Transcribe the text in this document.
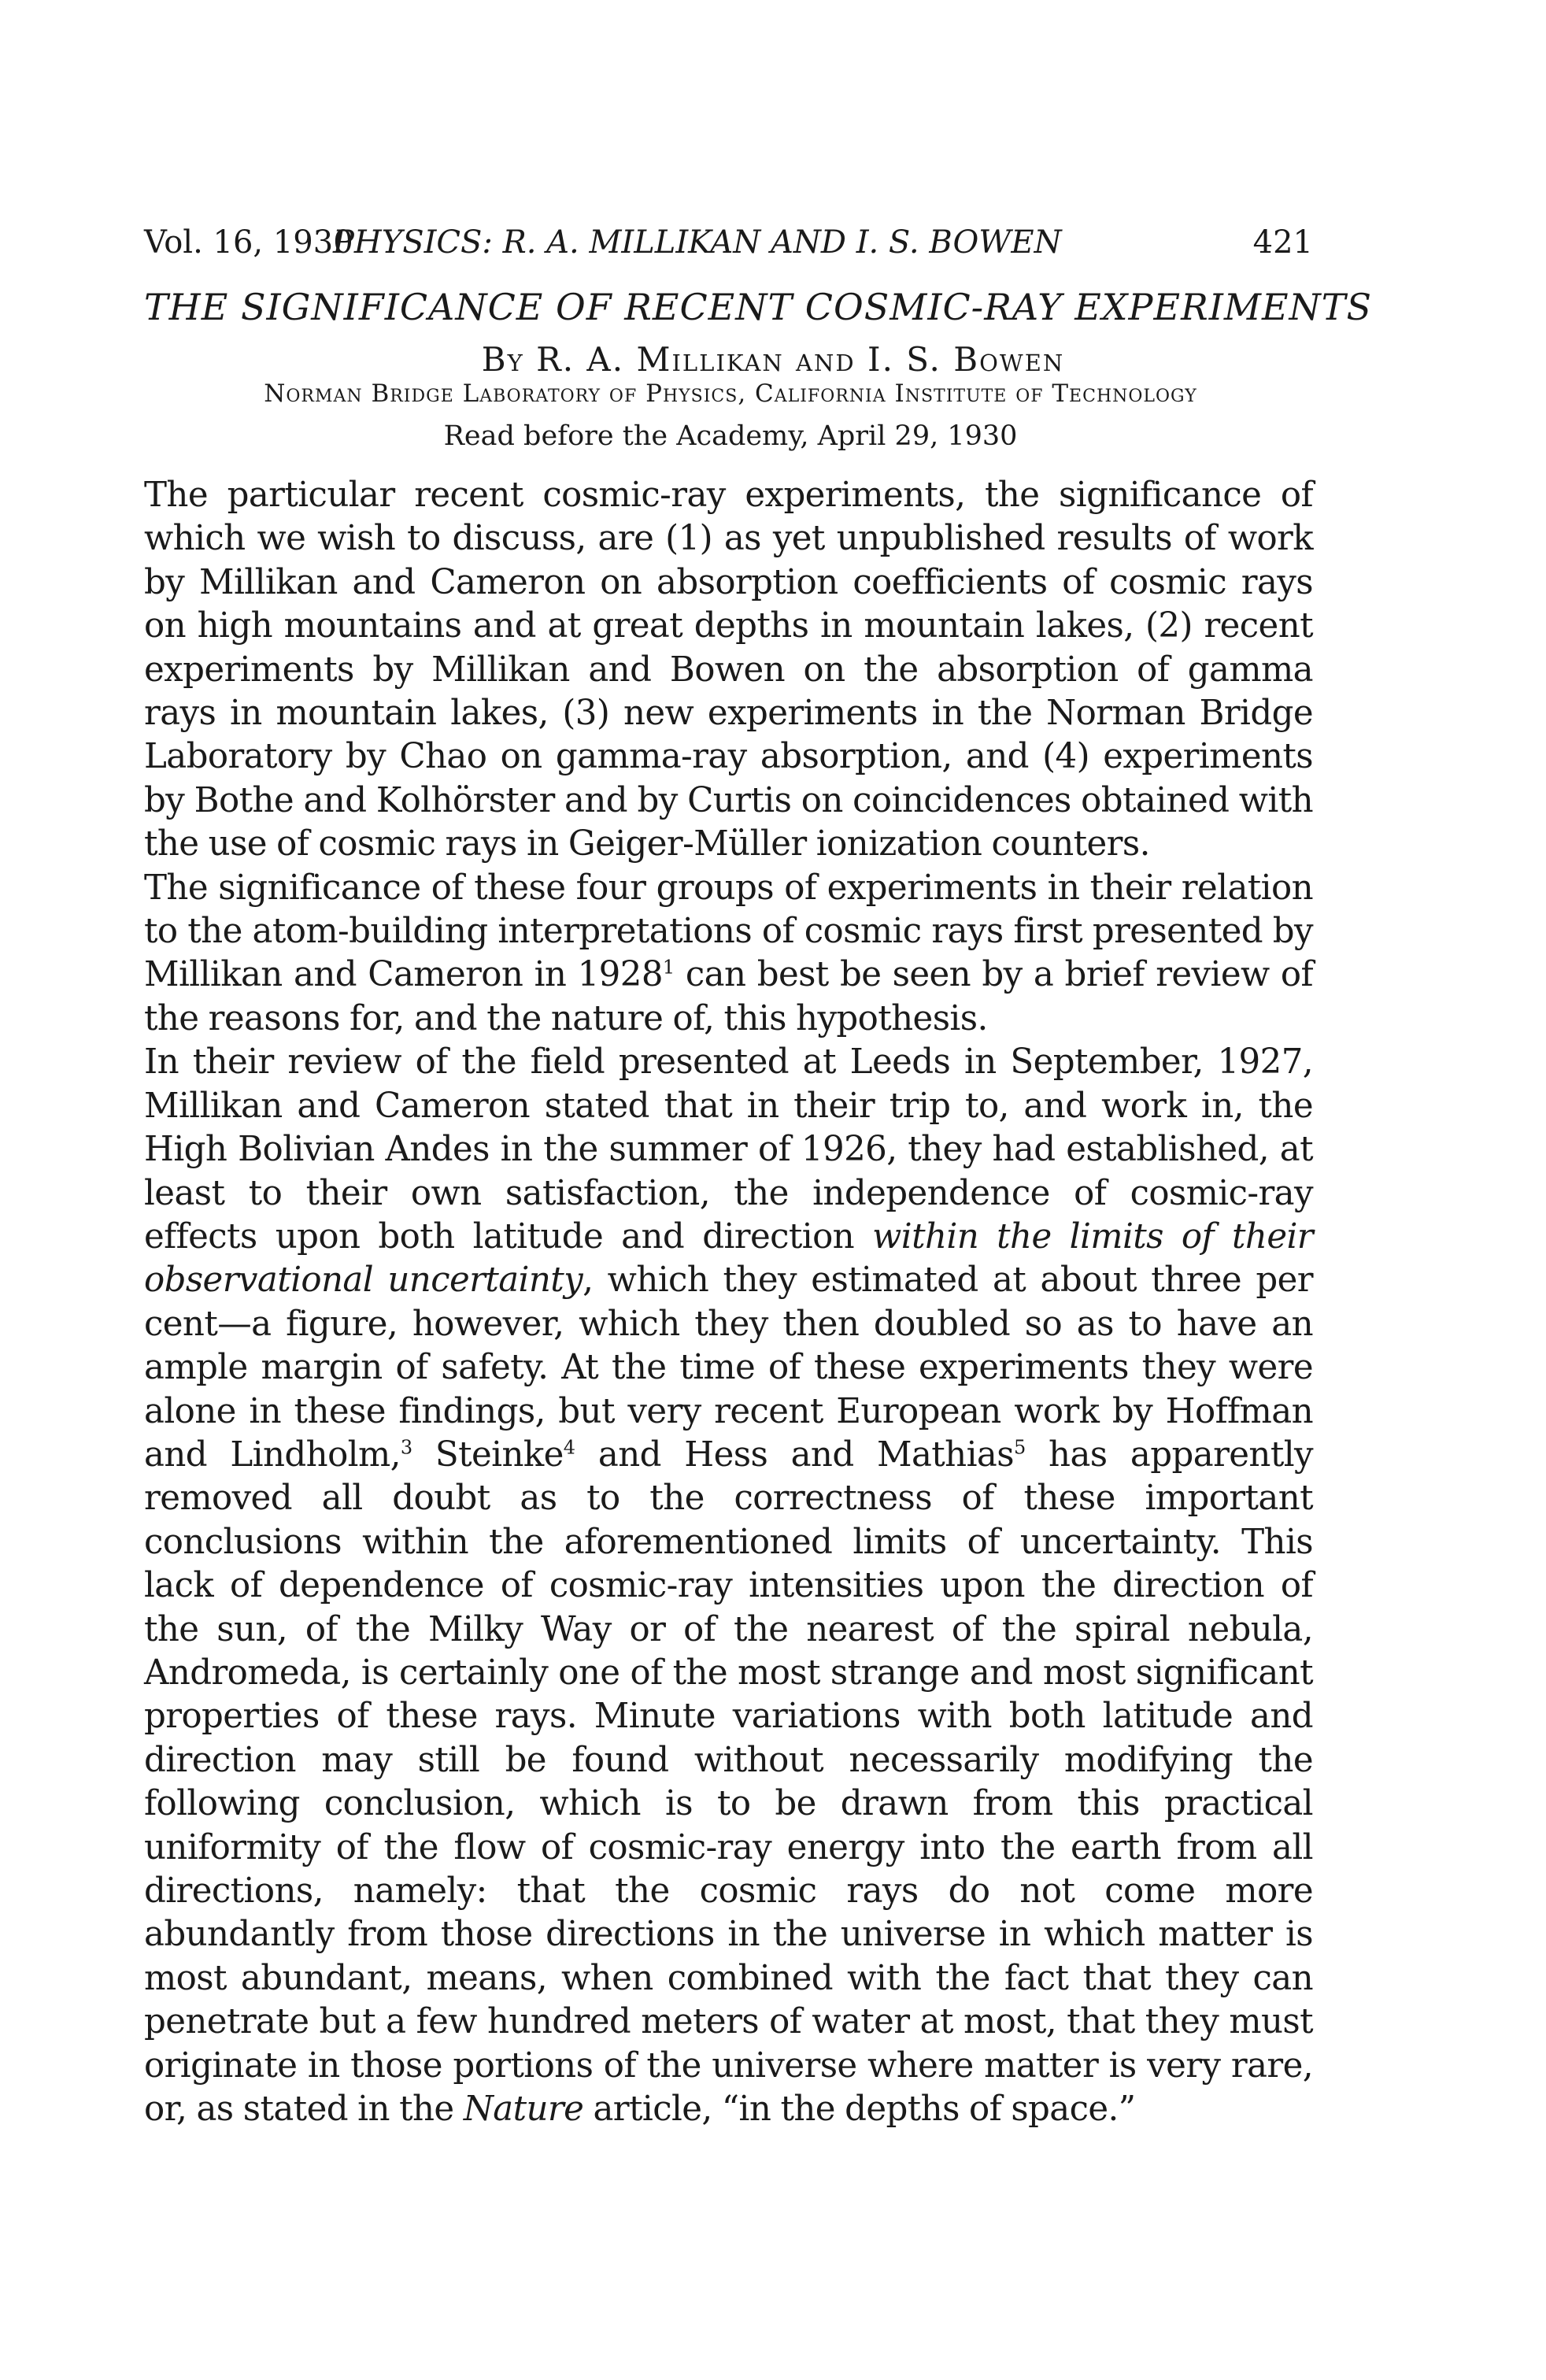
Vol. 16, 1930
PHYSICS: R. A. MILLIKAN AND I. S. BOWEN	421
THE SIGNIFICANCE OF RECENT COSMIC-RAY EXPERIMENTS
By R. A. Millikan and I. S. Bowen
Norman Bridge Laboratory of Physics, California Institute of Technology
Read before the Academy, April 29, 1930

The particular recent cosmic-ray experiments, the significance of which we wish to discuss, are (1) as yet unpublished results of work by Millikan and Cameron on absorption coefficients of cosmic rays on high mountains and at great depths in mountain lakes, (2) recent experiments by Millikan and Bowen on the absorption of gamma rays in mountain lakes, (3) new experiments in the Norman Bridge Laboratory by Chao on gamma-ray absorption, and (4) experiments by Bothe and Kolhörster and by Curtis on coincidences obtained with the use of cosmic rays in Geiger-Müller ionization counters.

The significance of these four groups of experiments in their relation to the atom-building interpretations of cosmic rays first presented by Millikan and Cameron in 1928$^1$ can best be seen by a brief review of the reasons for, and the nature of, this hypothesis.

In their review of the field presented at Leeds in September, 1927, Millikan and Cameron stated that in their trip to, and work in, the High Bolivian Andes in the summer of 1926, they had established, at least to their own satisfaction, the independence of cosmic-ray effects upon both latitude and direction within the limits of their observational uncertainty, which they estimated at about three per cent—a figure, however, which they then doubled so as to have an ample margin of safety. At the time of these experiments they were alone in these findings, but very recent European work by Hoffman and Lindholm,$^3$ Steinke$^4$ and Hess and Mathias$^5$ has apparently removed all doubt as to the correctness of these important conclusions within the aforementioned limits of uncertainty. This lack of dependence of cosmic-ray intensities upon the direction of the sun, of the Milky Way or of the nearest of the spiral nebula, Andromeda, is certainly one of the most strange and most significant properties of these rays. Minute variations with both latitude and direction may still be found without necessarily modifying the following conclusion, which is to be drawn from this practical uniformity of the flow of cosmic-ray energy into the earth from all directions, namely: that the cosmic rays do not come more abundantly from those directions in the universe in which matter is most abundant, means, when combined with the fact that they can penetrate but a few hundred meters of water at most, that they must originate in those portions of the universe where matter is very rare, or, as stated in the Nature article, “in the depths of space.”
